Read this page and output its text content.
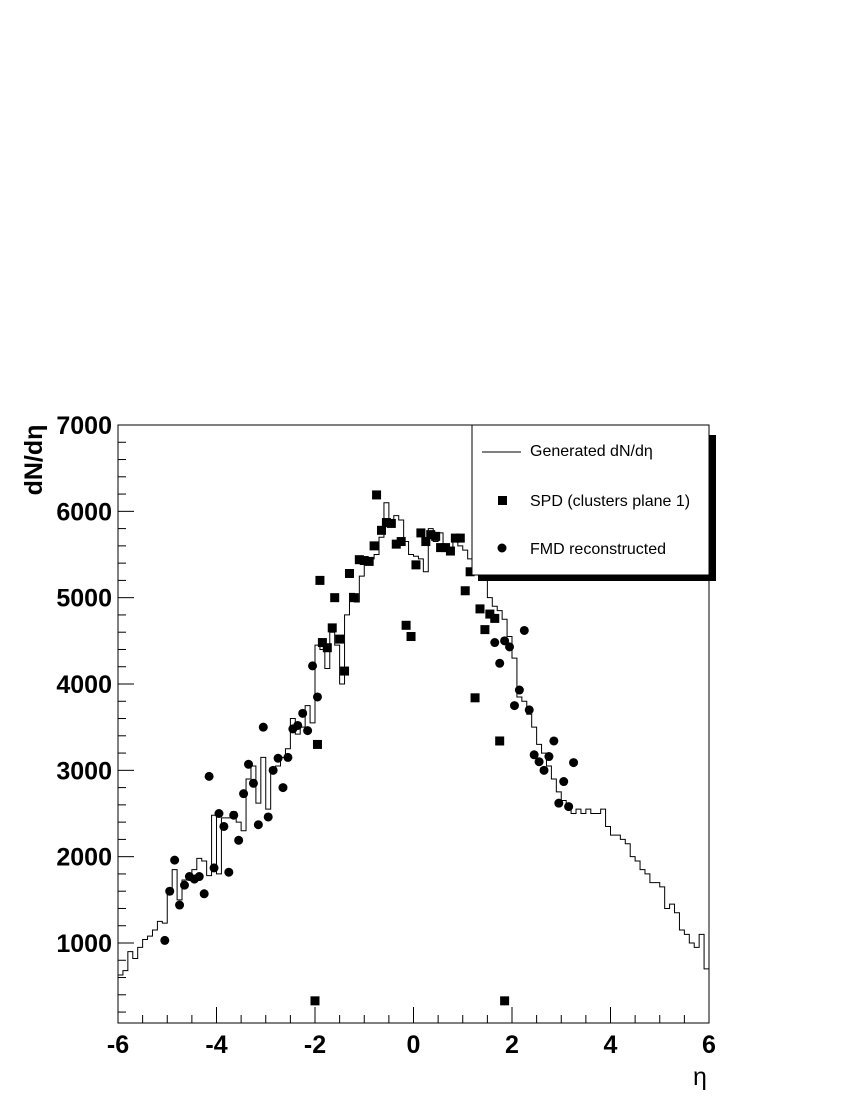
-6	-4	-2	0	2	4	6
1000
2000
3000
4000
5000
6000
7000
dN/dη
η
Generated dN/dη
SPD (clusters plane 1)
FMD reconstructed
